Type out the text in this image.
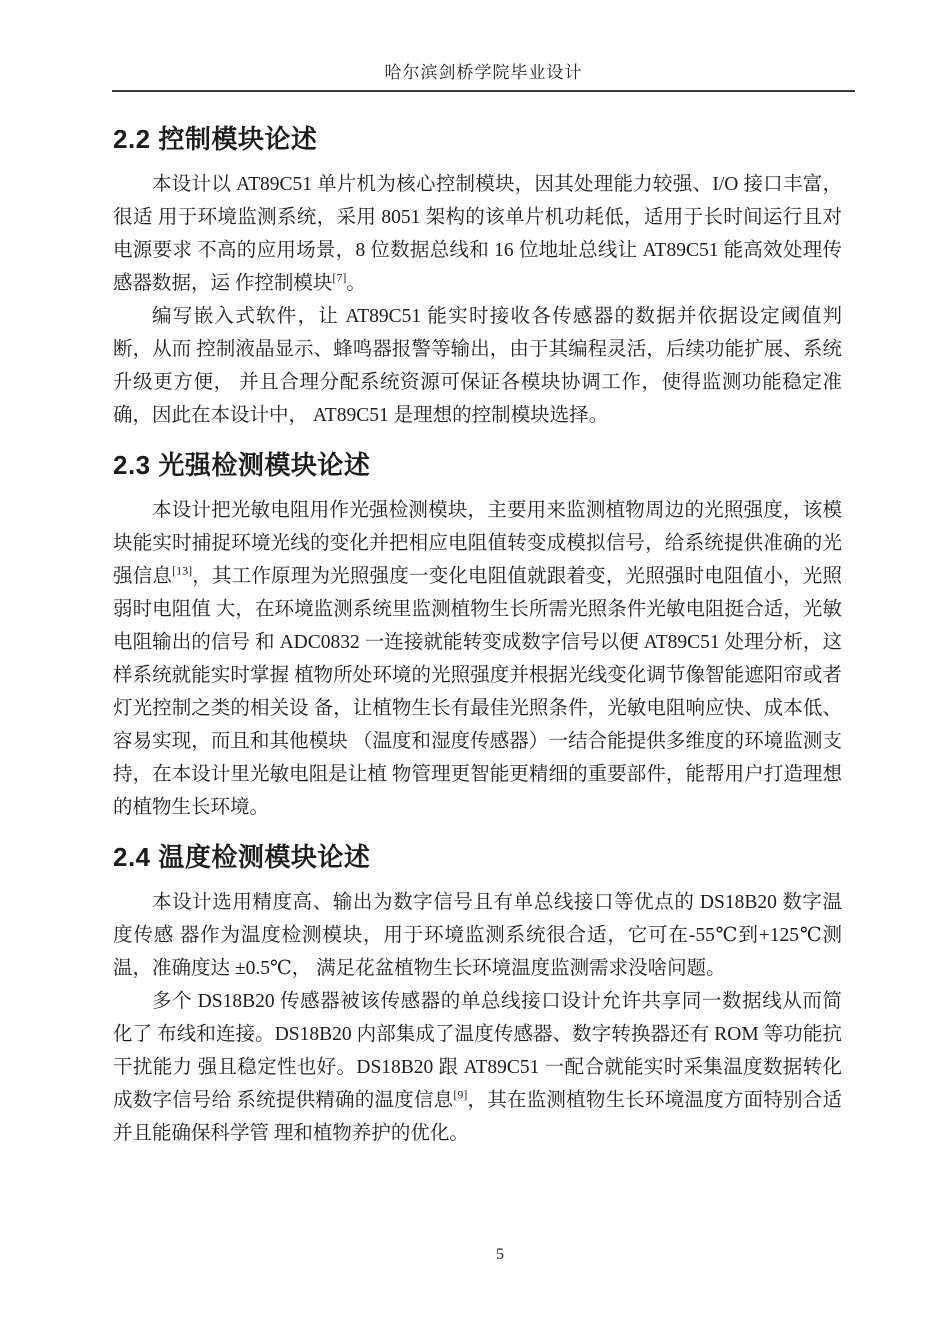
哈尔滨剑桥学院毕业设计
2.2 控制模块论述

本设计以 AT89C51 单片机为核心控制模块，因其处理能力较强、I/O 接口丰富，很适 用于环境监测系统，采用 8051 架构的该单片机功耗低，适用于长时间运行且对电源要求 不高的应用场景，8 位数据总线和 16 位地址总线让 AT89C51 能高效处理传感器数据，运 作控制模块[7]。

编写嵌入式软件，让 AT89C51 能实时接收各传感器的数据并依据设定阈值判断，从而 控制液晶显示、蜂鸣器报警等输出，由于其编程灵活，后续功能扩展、系统升级更方便， 并且合理分配系统资源可保证各模块协调工作，使得监测功能稳定准确，因此在本设计中， AT89C51 是理想的控制模块选择。

2.3 光强检测模块论述

本设计把光敏电阻用作光强检测模块，主要用来监测植物周边的光照强度，该模块能实时捕捉环境光线的变化并把相应电阻值转变成模拟信号，给系统提供准确的光强信息[13]，其工作原理为光照强度一变化电阻值就跟着变，光照强时电阻值小，光照弱时电阻值 大，在环境监测系统里监测植物生长所需光照条件光敏电阻挺合适，光敏电阻输出的信号 和 ADC0832 一连接就能转变成数字信号以便 AT89C51 处理分析，这样系统就能实时掌握 植物所处环境的光照强度并根据光线变化调节像智能遮阳帘或者灯光控制之类的相关设 备，让植物生长有最佳光照条件，光敏电阻响应快、成本低、容易实现，而且和其他模块 （温度和湿度传感器）一结合能提供多维度的环境监测支持，在本设计里光敏电阻是让植 物管理更智能更精细的重要部件，能帮用户打造理想的植物生长环境。

2.4 温度检测模块论述

本设计选用精度高、输出为数字信号且有单总线接口等优点的 DS18B20 数字温度传感 器作为温度检测模块，用于环境监测系统很合适，它可在-55℃到+125℃测温，准确度达 ±0.5℃， 满足花盆植物生长环境温度监测需求没啥问题。

多个 DS18B20 传感器被该传感器的单总线接口设计允许共享同一数据线从而简化了 布线和连接。DS18B20 内部集成了温度传感器、数字转换器还有 ROM 等功能抗干扰能力 强且稳定性也好。DS18B20 跟 AT89C51 一配合就能实时采集温度数据转化成数字信号给 系统提供精确的温度信息[9]，其在监测植物生长环境温度方面特别合适并且能确保科学管 理和植物养护的优化。

5
